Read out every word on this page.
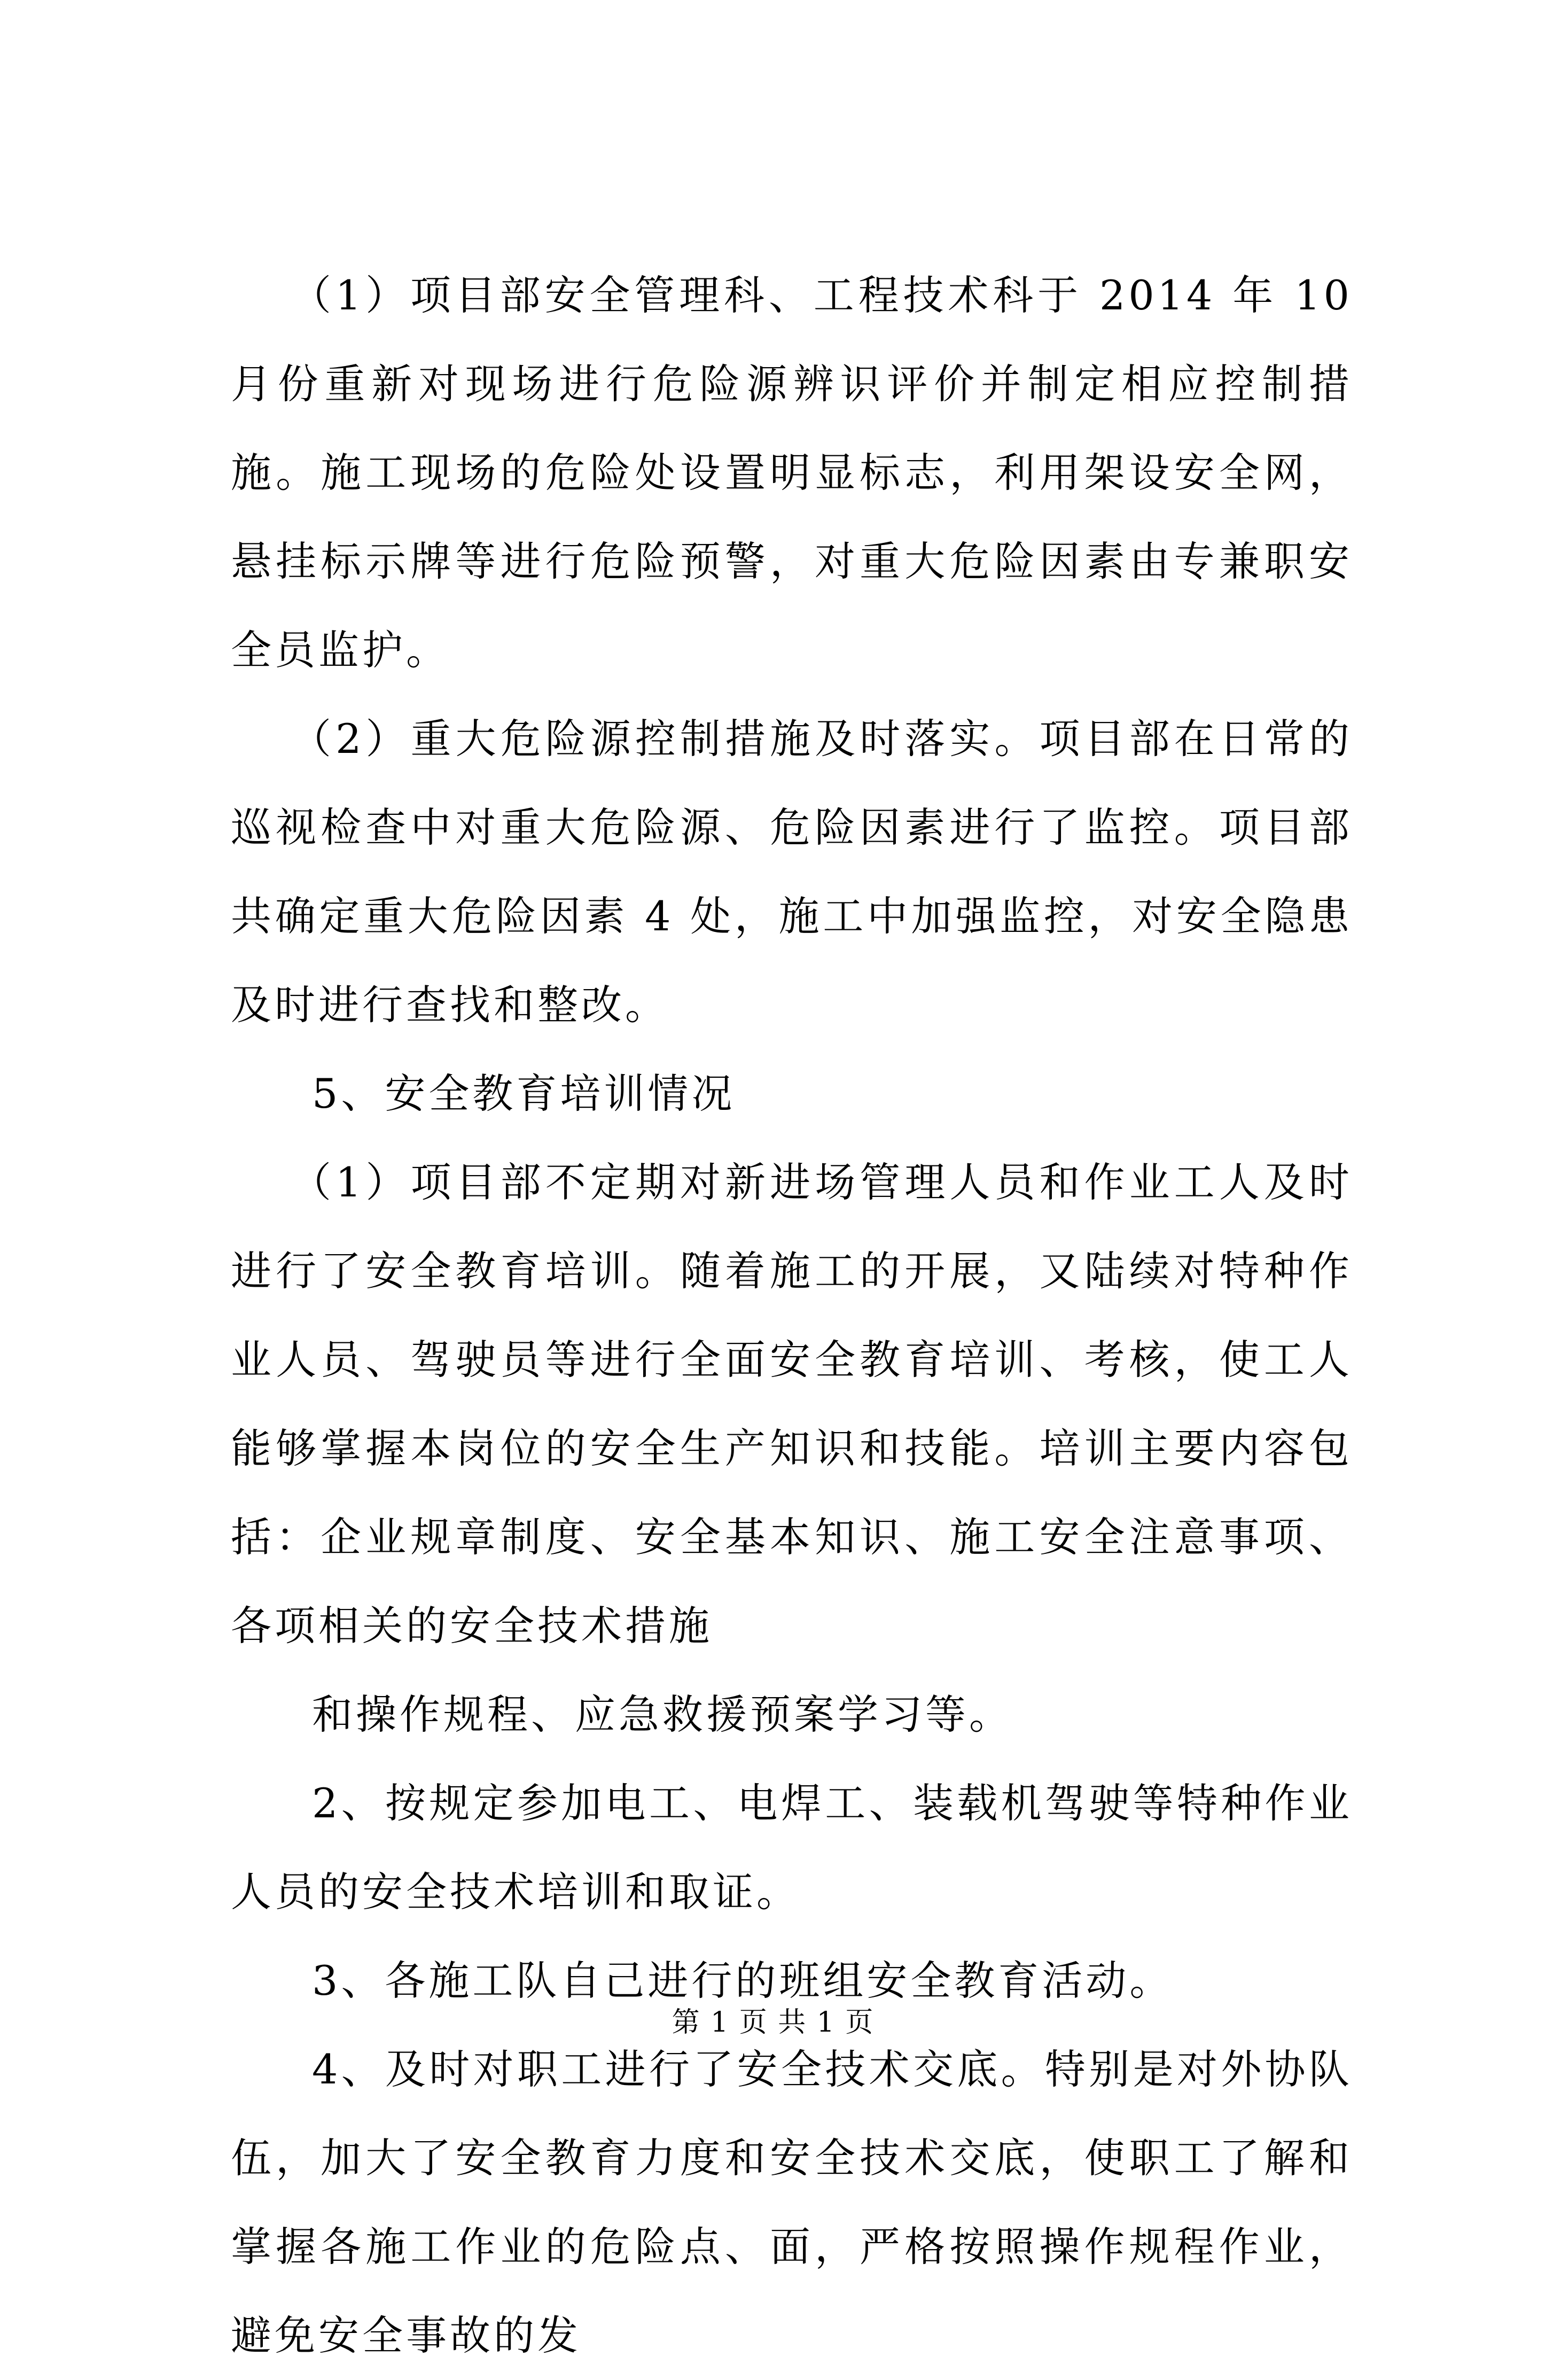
（1）项目部安全管理科、工程技术科于 2014 年 10 月份重新对现场进行危险源辨识评价并制定相应控制措施。施工现场的危险处设置明显标志，利用架设安全网，悬挂标示牌等进行危险预警，对重大危险因素由专兼职安全员监护。

（2）重大危险源控制措施及时落实。项目部在日常的巡视检查中对重大危险源、危险因素进行了监控。项目部共确定重大危险因素 4 处，施工中加强监控，对安全隐患及时进行查找和整改。

5、安全教育培训情况

（1）项目部不定期对新进场管理人员和作业工人及时进行了安全教育培训。随着施工的开展，又陆续对特种作业人员、驾驶员等进行全面安全教育培训、考核，使工人能够掌握本岗位的安全生产知识和技能。培训主要内容包括：企业规章制度、安全基本知识、施工安全注意事项、各项相关的安全技术措施

和操作规程、应急救援预案学习等。

2、按规定参加电工、电焊工、装载机驾驶等特种作业人员的安全技术培训和取证。

3、各施工队自己进行的班组安全教育活动。

4、及时对职工进行了安全技术交底。特别是对外协队伍，加大了安全教育力度和安全技术交底，使职工了解和掌握各施工作业的危险点、面，严格按照操作规程作业，避免安全事故的发

第 1 页 共 1 页
